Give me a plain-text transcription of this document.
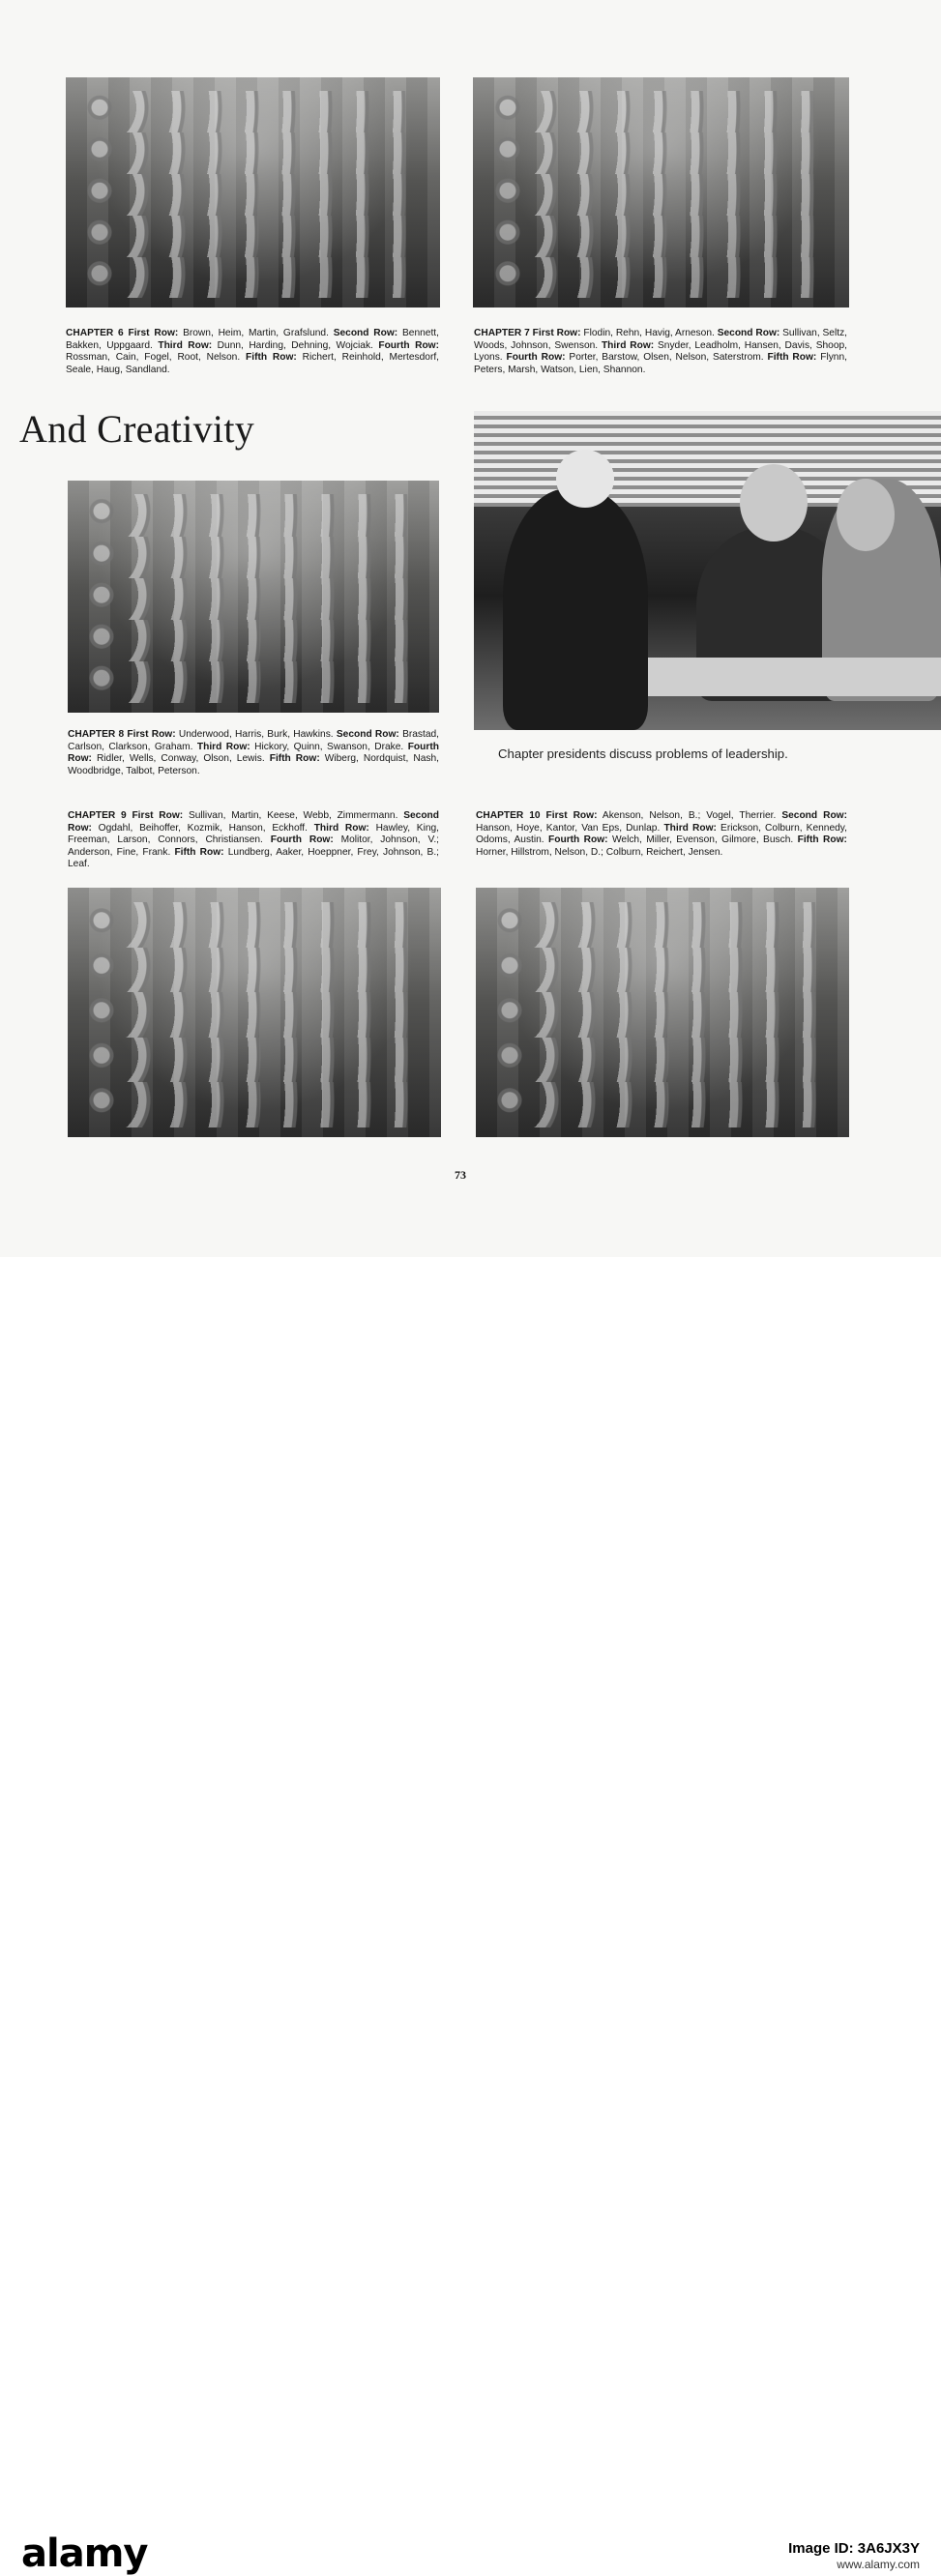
CHAPTER 6 First Row: Brown, Heim, Martin, Grafslund. Second Row: Bennett, Bakken, Uppgaard. Third Row: Dunn, Harding, Dehning, Wojciak. Fourth Row: Rossman, Cain, Fogel, Root, Nelson. Fifth Row: Richert, Reinhold, Mertesdorf, Seale, Haug, Sandland.
CHAPTER 7 First Row: Flodin, Rehn, Havig, Arneson. Second Row: Sullivan, Seltz, Woods, Johnson, Swenson. Third Row: Snyder, Leadholm, Hansen, Davis, Shoop, Lyons. Fourth Row: Porter, Barstow, Olsen, Nelson, Saterstrom. Fifth Row: Flynn, Peters, Marsh, Watson, Lien, Shannon.
And Creativity
CHAPTER 8 First Row: Underwood, Harris, Burk, Hawkins. Second Row: Brastad, Carlson, Clarkson, Graham. Third Row: Hickory, Quinn, Swanson, Drake. Fourth Row: Ridler, Wells, Conway, Olson, Lewis. Fifth Row: Wiberg, Nordquist, Nash, Woodbridge, Talbot, Peterson.
Chapter presidents discuss problems of leadership.
CHAPTER 9 First Row: Sullivan, Martin, Keese, Webb, Zimmermann. Second Row: Ogdahl, Beihoffer, Kozmik, Hanson, Eckhoff. Third Row: Hawley, King, Freeman, Larson, Connors, Christiansen. Fourth Row: Molitor, Johnson, V.; Anderson, Fine, Frank. Fifth Row: Lundberg, Aaker, Hoeppner, Frey, Johnson, B.; Leaf.
CHAPTER 10 First Row: Akenson, Nelson, B.; Vogel, Therrier. Second Row: Hanson, Hoye, Kantor, Van Eps, Dunlap. Third Row: Erickson, Colburn, Kennedy, Odoms, Austin. Fourth Row: Welch, Miller, Evenson, Gilmore, Busch. Fifth Row: Horner, Hillstrom, Nelson, D.; Colburn, Reichert, Jensen.
73
alamy	Image ID: 3A6JX3Y
www.alamy.com
